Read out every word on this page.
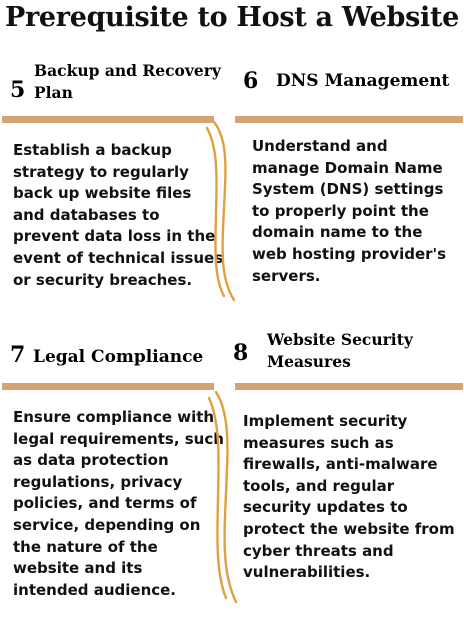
Prerequisite to Host a Website
5
Backup and Recovery
Plan
Establish a backup
strategy to regularly
back up website files
and databases to
prevent data loss in the
event of technical issues
or security breaches.
6 DNS Management
Understand and
manage Domain Name
System (DNS) settings
to properly point the
domain name to the
web hosting provider's
servers.
7 Legal Compliance
Ensure compliance with
legal requirements, such
as data protection
regulations, privacy
policies, and terms of
service, depending on
the nature of the
website and its
intended audience.
8
Website Security
Measures
Implement security
measures such as
firewalls, anti-malware
tools, and regular
security updates to
protect the website from
cyber threats and
vulnerabilities.
